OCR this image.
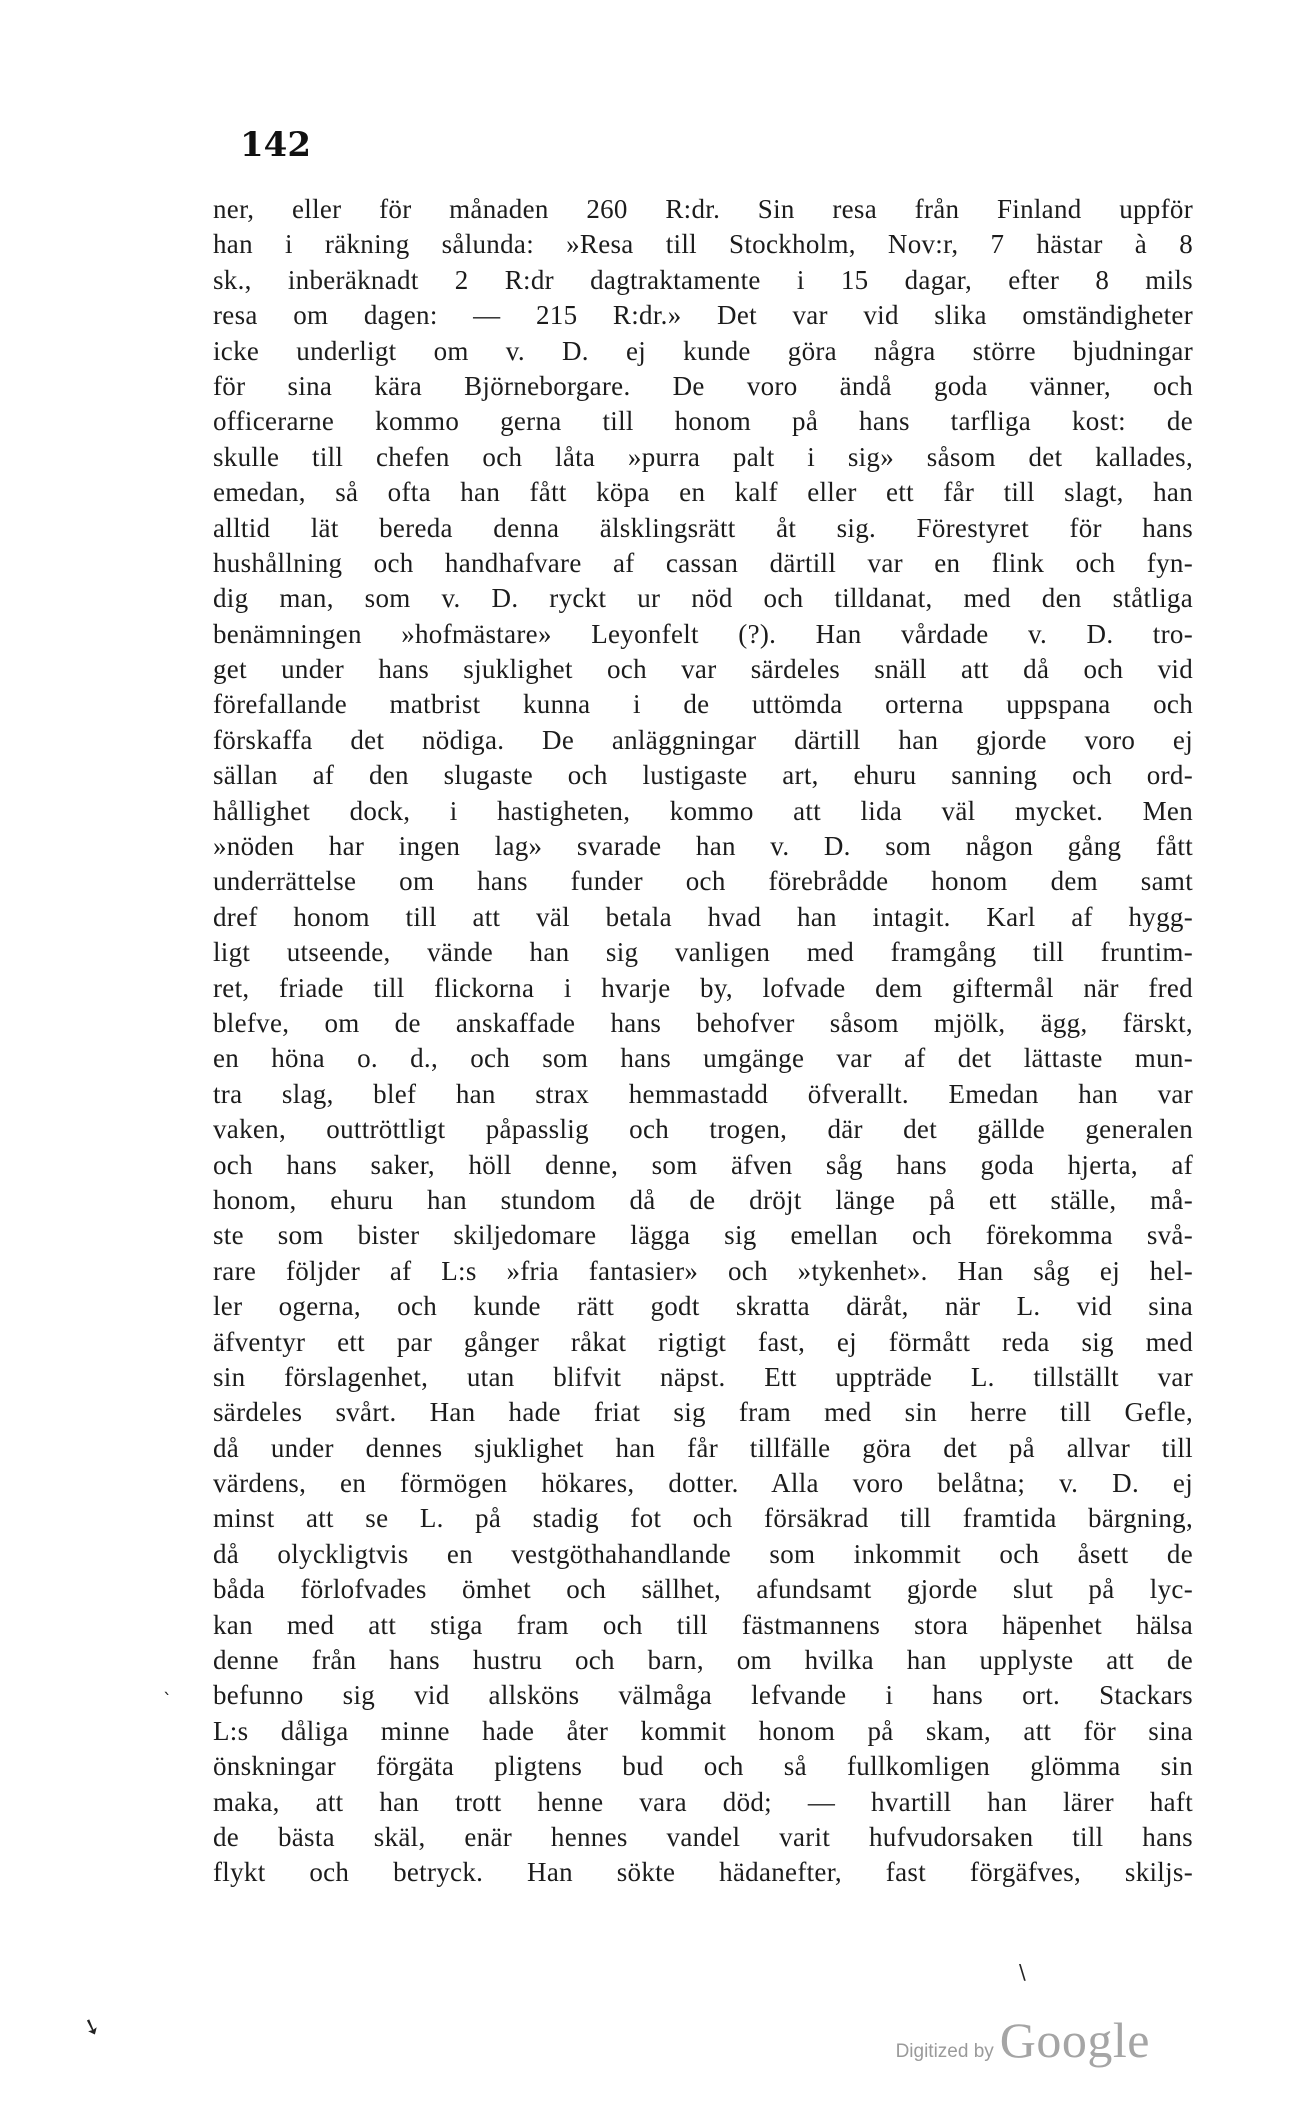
142
ner, eller för månaden 260 R:dr. Sin resa från Finland uppför
han i räkning sålunda: »Resa till Stockholm, Nov:r, 7 hästar à 8
sk., inberäknadt 2 R:dr dagtraktamente i 15 dagar, efter 8 mils
resa om dagen: — 215 R:dr.» Det var vid slika omständigheter
icke underligt om v. D. ej kunde göra några större bjudningar
för sina kära Björneborgare. De voro ändå goda vänner, och
officerarne kommo gerna till honom på hans tarfliga kost: de
skulle till chefen och låta »purra palt i sig» såsom det kallades,
emedan, så ofta han fått köpa en kalf eller ett får till slagt, han
alltid lät bereda denna älsklingsrätt åt sig. Förestyret för hans
hushållning och handhafvare af cassan därtill var en flink och fyn-
dig man, som v. D. ryckt ur nöd och tilldanat, med den ståtliga
benämningen »hofmästare» Leyonfelt (?). Han vårdade v. D. tro-
get under hans sjuklighet och var särdeles snäll att då och vid
förefallande matbrist kunna i de uttömda orterna uppspana och
förskaffa det nödiga. De anläggningar därtill han gjorde voro ej
sällan af den slugaste och lustigaste art, ehuru sanning och ord-
hållighet dock, i hastigheten, kommo att lida väl mycket. Men
»nöden har ingen lag» svarade han v. D. som någon gång fått
underrättelse om hans funder och förebrådde honom dem samt
dref honom till att väl betala hvad han intagit. Karl af hygg-
ligt utseende, vände han sig vanligen med framgång till fruntim-
ret, friade till flickorna i hvarje by, lofvade dem giftermål när fred
blefve, om de anskaffade hans behofver såsom mjölk, ägg, färskt,
en höna o. d., och som hans umgänge var af det lättaste mun-
tra slag, blef han strax hemmastadd öfverallt. Emedan han var
vaken, outtröttligt påpasslig och trogen, där det gällde generalen
och hans saker, höll denne, som äfven såg hans goda hjerta, af
honom, ehuru han stundom då de dröjt länge på ett ställe, må-
ste som bister skiljedomare lägga sig emellan och förekomma svå-
rare följder af L:s »fria fantasier» och »tykenhet». Han såg ej hel-
ler ogerna, och kunde rätt godt skratta däråt, när L. vid sina
äfventyr ett par gånger råkat rigtigt fast, ej förmått reda sig med
sin förslagenhet, utan blifvit näpst. Ett uppträde L. tillställt var
särdeles svårt. Han hade friat sig fram med sin herre till Gefle,
då under dennes sjuklighet han får tillfälle göra det på allvar till
värdens, en förmögen hökares, dotter. Alla voro belåtna; v. D. ej
minst att se L. på stadig fot och försäkrad till framtida bärgning,
då olyckligtvis en vestgöthahandlande som inkommit och åsett de
båda förlofvades ömhet och sällhet, afundsamt gjorde slut på lyc-
kan med att stiga fram och till fästmannens stora häpenhet hälsa
denne från hans hustru och barn, om hvilka han upplyste att de
befunno sig vid allsköns välmåga lefvande i hans ort. Stackars
L:s dåliga minne hade åter kommit honom på skam, att för sina
önskningar förgäta pligtens bud och så fullkomligen glömma sin
maka, att han trott henne vara död; — hvartill han lärer haft
de bästa skäl, enär hennes vandel varit hufvudorsaken till hans
flykt och betryck. Han sökte hädanefter, fast förgäfves, skiljs-
`
\
➘
Digitized by Google
